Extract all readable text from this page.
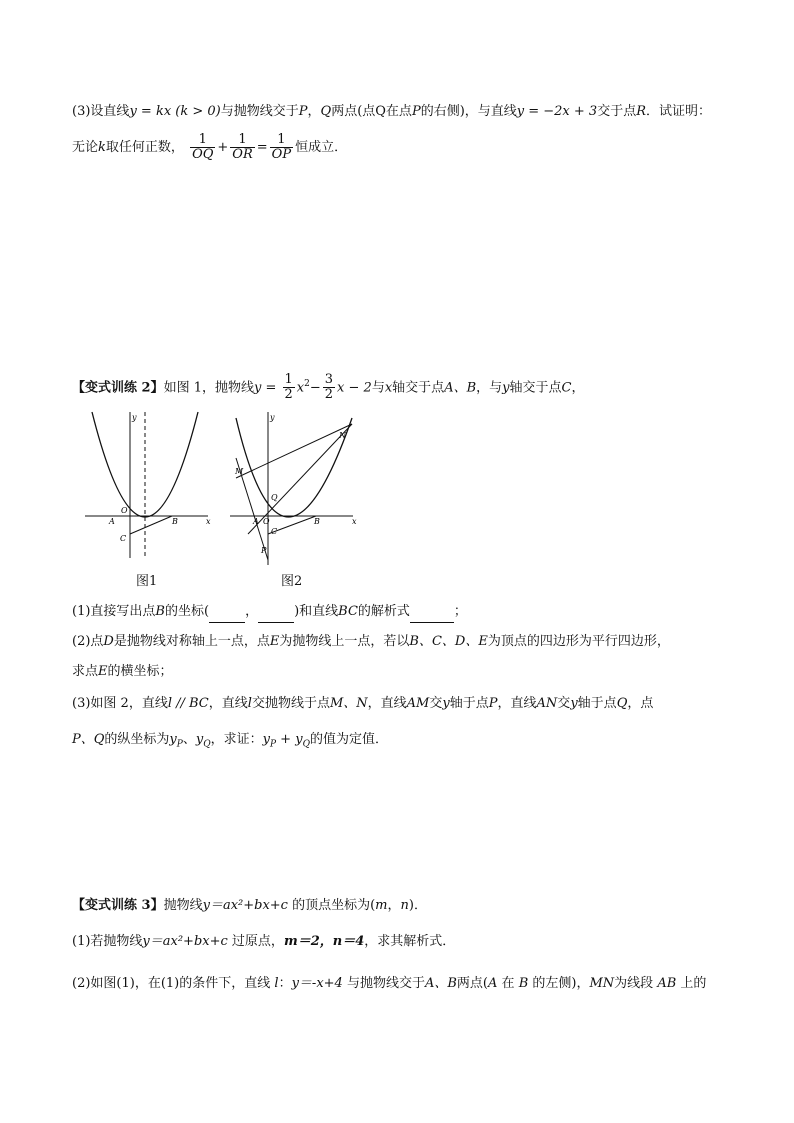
(3)设直线y = kx (k > 0)与抛物线交于P，Q两点(点Q在点P的右侧)，与直线y = −2x + 3交于点R．试证明：
无论k取任何正数， $\frac{1}{OQ} + \frac{1}{OR} = \frac{1}{OP}$ 恒成立．
【变式训练 2】如图 1，抛物线$y = \frac{1}{2} x^2- \frac{3}{2}$ x − 2与x轴交于点A、B，与y轴交于点C，
y
O
A	B
C
x
图1
y
M
N
Q
A O	B
C
P
x
图2
(1)直接写出点B的坐标(	，	)和直线BC的解析式	；
(2)点D是抛物线对称轴上一点，点E为抛物线上一点，若以B、C、D、E为顶点的四边形为平行四边形，
求点E的横坐标；
(3)如图 2，直线l // BC，直线l交抛物线于点M、N，直线AM交y轴于点P，直线AN交y轴于点Q，点
P、Q的纵坐标为$y_P$、$y_Q$，求证：$y_P + y_Q$的值为定值．
【变式训练 3】抛物线y＝ax²+bx+c 的顶点坐标为(m，n)．
(1)若抛物线y＝ax²+bx+c 过原点，m＝2，n＝4，求其解析式．
(2)如图(1)，在(1)的条件下，直线 l：y＝-x+4 与抛物线交于A、B两点(A 在 B 的左侧)，MN为线段 AB 上的
